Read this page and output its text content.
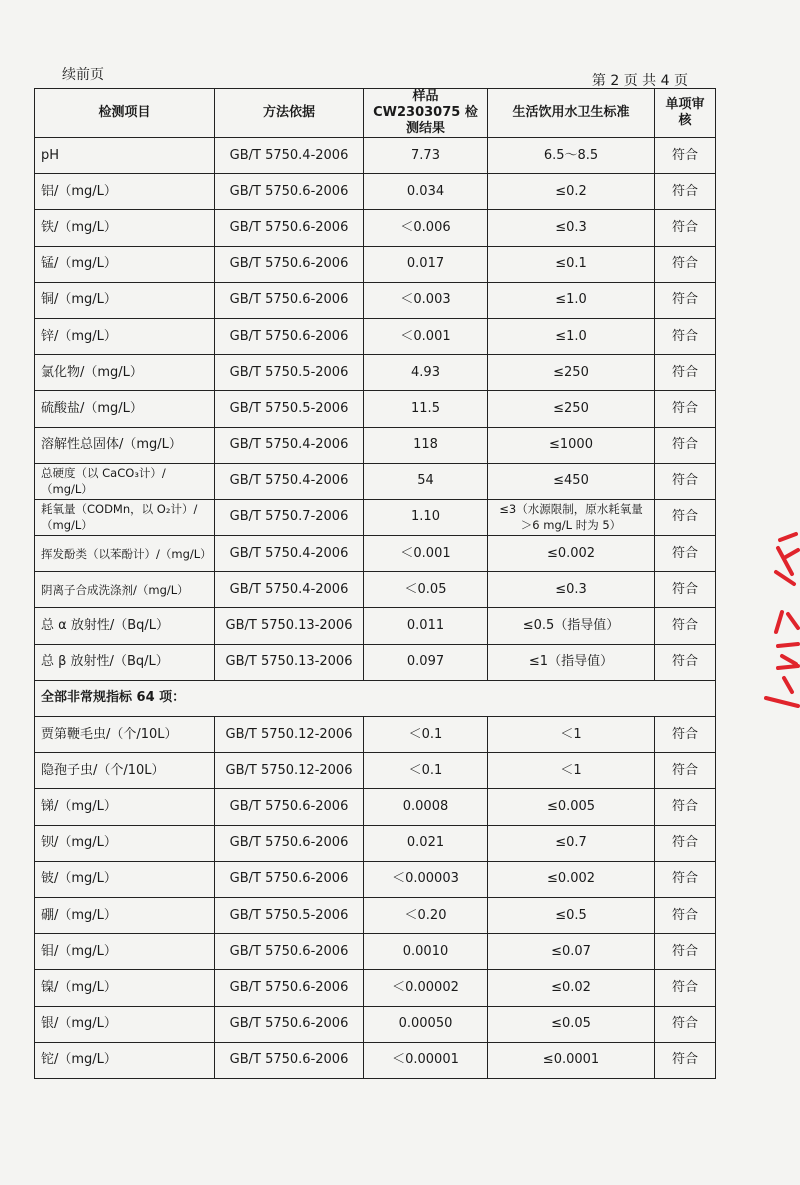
续前页	第 2 页 共 4 页
检测项目	方法依据	样品 CW2303075 检测结果	生活饮用水卫生标准	单项审核
pH	GB/T 5750.4-2006	7.73	6.5～8.5	符合
铝/（mg/L）	GB/T 5750.6-2006	0.034	≤0.2	符合
铁/（mg/L）	GB/T 5750.6-2006	＜0.006	≤0.3	符合
锰/（mg/L）	GB/T 5750.6-2006	0.017	≤0.1	符合
铜/（mg/L）	GB/T 5750.6-2006	＜0.003	≤1.0	符合
锌/（mg/L）	GB/T 5750.6-2006	＜0.001	≤1.0	符合
氯化物/（mg/L）	GB/T 5750.5-2006	4.93	≤250	符合
硫酸盐/（mg/L）	GB/T 5750.5-2006	11.5	≤250	符合
溶解性总固体/（mg/L）	GB/T 5750.4-2006	118	≤1000	符合
总硬度（以 CaCO₃计）/（mg/L）	GB/T 5750.4-2006	54	≤450	符合
耗氧量（CODMn，以 O₂计）/（mg/L）	GB/T 5750.7-2006	1.10	≤3（水源限制，原水耗氧量＞6 mg/L 时为 5）	符合
挥发酚类（以苯酚计）/（mg/L）	GB/T 5750.4-2006	＜0.001	≤0.002	符合
阴离子合成洗涤剂/（mg/L）	GB/T 5750.4-2006	＜0.05	≤0.3	符合
总 α 放射性/（Bq/L）	GB/T 5750.13-2006	0.011	≤0.5（指导值）	符合
总 β 放射性/（Bq/L）	GB/T 5750.13-2006	0.097	≤1（指导值）	符合
全部非常规指标 64 项：				
贾第鞭毛虫/（个/10L）	GB/T 5750.12-2006	＜0.1	＜1	符合
隐孢子虫/（个/10L）	GB/T 5750.12-2006	＜0.1	＜1	符合
锑/（mg/L）	GB/T 5750.6-2006	0.0008	≤0.005	符合
钡/（mg/L）	GB/T 5750.6-2006	0.021	≤0.7	符合
铍/（mg/L）	GB/T 5750.6-2006	＜0.00003	≤0.002	符合
硼/（mg/L）	GB/T 5750.5-2006	＜0.20	≤0.5	符合
钼/（mg/L）	GB/T 5750.6-2006	0.0010	≤0.07	符合
镍/（mg/L）	GB/T 5750.6-2006	＜0.00002	≤0.02	符合
银/（mg/L）	GB/T 5750.6-2006	0.00050	≤0.05	符合
铊/（mg/L）	GB/T 5750.6-2006	＜0.00001	≤0.0001	符合
